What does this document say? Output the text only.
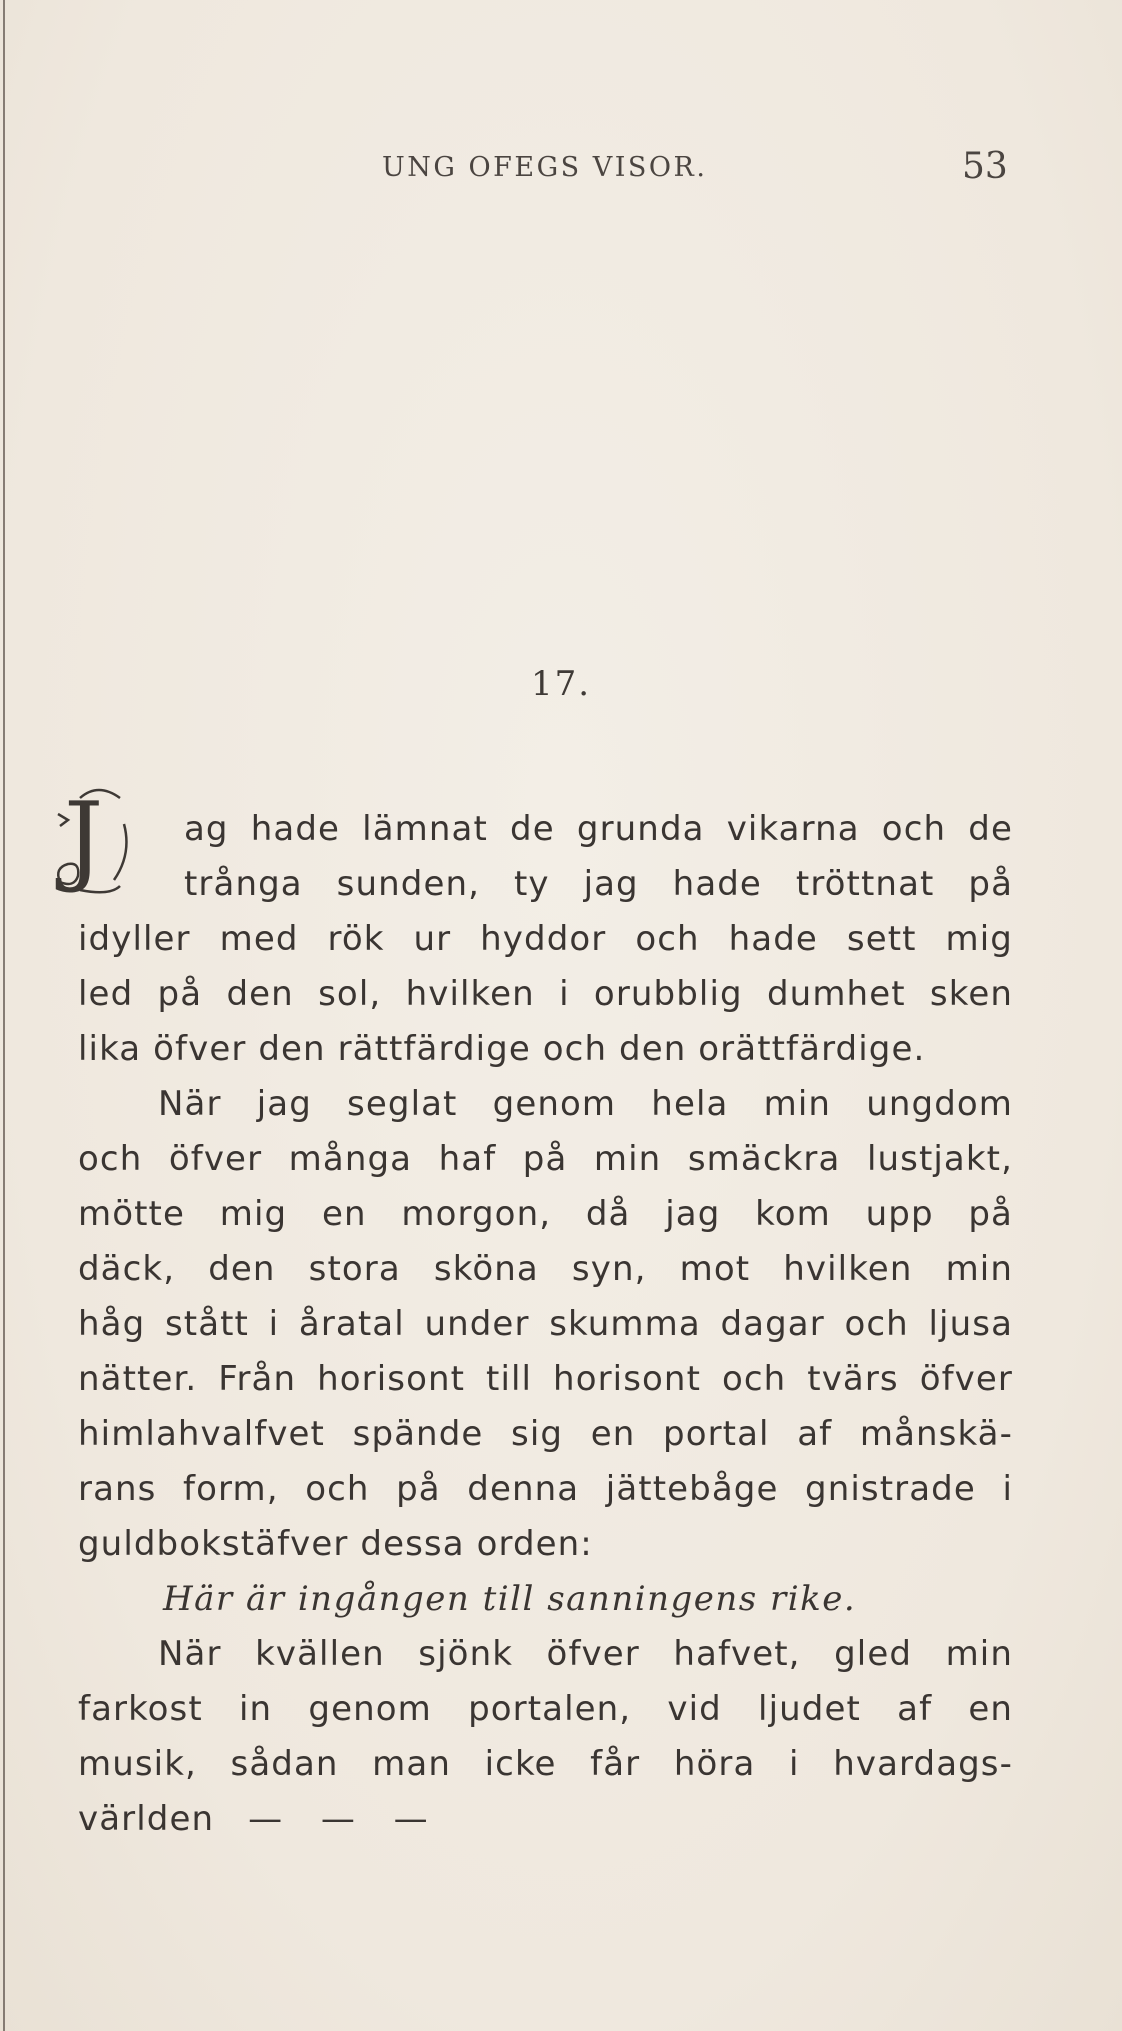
UNG OFEGS VISOR.	53
17.
J	ag hade lämnat de grunda vikarna och de
trånga sunden, ty jag hade tröttnat på
idyller med rök ur hyddor och hade sett mig
led på den sol, hvilken i orubblig dumhet sken
lika öfver den rättfärdige och den orättfärdige.
När jag seglat genom hela min ungdom
och öfver många haf på min smäckra lustjakt,
mötte mig en morgon, då jag kom upp på
däck, den stora sköna syn, mot hvilken min
håg stått i åratal under skumma dagar och ljusa
nätter. Från horisont till horisont och tvärs öfver
himlahvalfvet spände sig en portal af månskä-
rans form, och på denna jättebåge gnistrade i
guldbokstäfver dessa orden:
Här är ingången till sanningens rike.
När kvällen sjönk öfver hafvet, gled min
farkost in genom portalen, vid ljudet af en
musik, sådan man icke får höra i hvardags-
världen — — —
